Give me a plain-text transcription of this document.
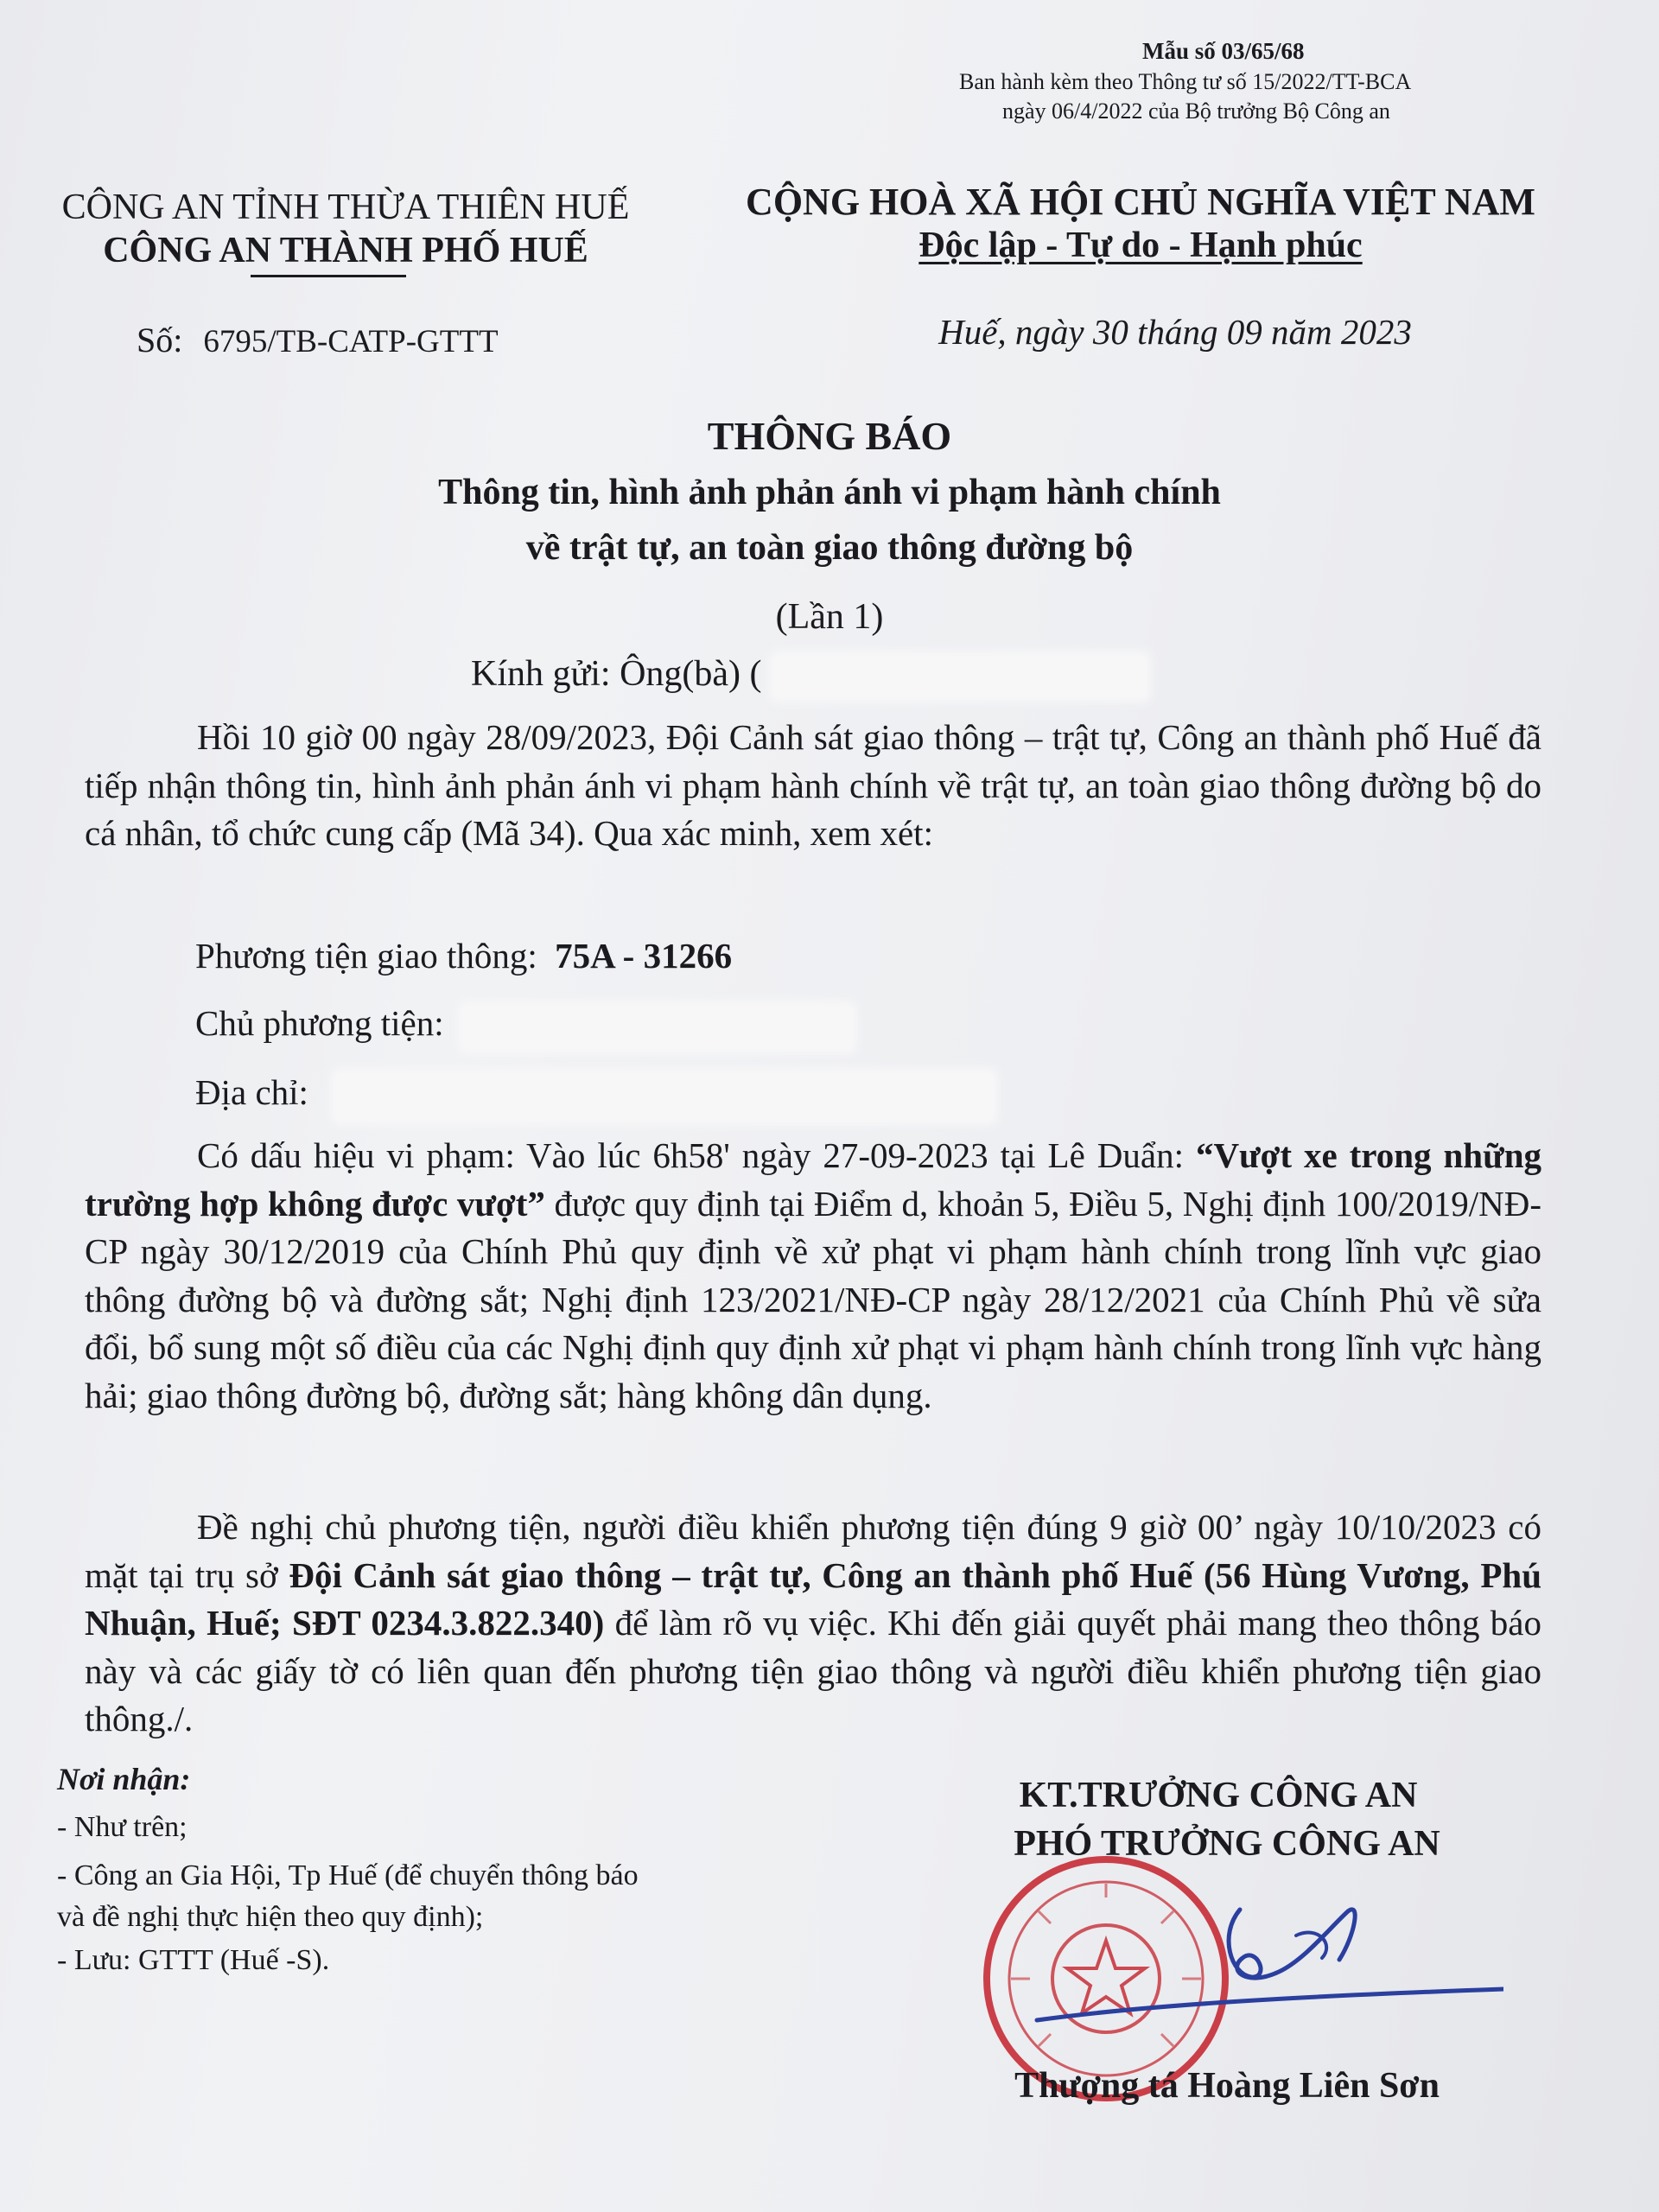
Mẫu số 03/65/68
Ban hành kèm theo Thông tư số 15/2022/TT-BCA
ngày 06/4/2022 của Bộ trưởng Bộ Công an
CÔNG AN TỈNH THỪA THIÊN HUẾ
CÔNG AN THÀNH PHỐ HUẾ
Số: 6795/TB-CATP-GTTT
CỘNG HOÀ XÃ HỘI CHỦ NGHĨA VIỆT NAM
Độc lập - Tự do - Hạnh phúc
Huế, ngày 30 tháng 09 năm 2023
THÔNG BÁO
Thông tin, hình ảnh phản ánh vi phạm hành chính
về trật tự, an toàn giao thông đường bộ
(Lần 1)
Kính gửi: Ông(bà) (
Hồi 10 giờ 00 ngày 28/09/2023, Đội Cảnh sát giao thông – trật tự, Công an thành phố Huế đã tiếp nhận thông tin, hình ảnh phản ánh vi phạm hành chính về trật tự, an toàn giao thông đường bộ do cá nhân, tổ chức cung cấp (Mã 34). Qua xác minh, xem xét:
Phương tiện giao thông: 75A - 31266
Chủ phương tiện:
Địa chỉ:
Có dấu hiệu vi phạm: Vào lúc 6h58' ngày 27-09-2023 tại Lê Duẩn: “Vượt xe trong những trường hợp không được vượt” được quy định tại Điểm d, khoản 5, Điều 5, Nghị định 100/2019/NĐ-CP ngày 30/12/2019 của Chính Phủ quy định về xử phạt vi phạm hành chính trong lĩnh vực giao thông đường bộ và đường sắt; Nghị định 123/2021/NĐ-CP ngày 28/12/2021 của Chính Phủ về sửa đổi, bổ sung một số điều của các Nghị định quy định xử phạt vi phạm hành chính trong lĩnh vực hàng hải; giao thông đường bộ, đường sắt; hàng không dân dụng.
Đề nghị chủ phương tiện, người điều khiển phương tiện đúng 9 giờ 00’ ngày 10/10/2023 có mặt tại trụ sở Đội Cảnh sát giao thông – trật tự, Công an thành phố Huế (56 Hùng Vương, Phú Nhuận, Huế; SĐT 0234.3.822.340) để làm rõ vụ việc. Khi đến giải quyết phải mang theo thông báo này và các giấy tờ có liên quan đến phương tiện giao thông và người điều khiển phương tiện giao thông./.
Nơi nhận:
- Như trên;
- Công an Gia Hội, Tp Huế (để chuyển thông báo
và đề nghị thực hiện theo quy định);
- Lưu: GTTT (Huế -S).
KT.TRƯỞNG CÔNG AN
PHÓ TRƯỞNG CÔNG AN
Thượng tá Hoàng Liên Sơn
